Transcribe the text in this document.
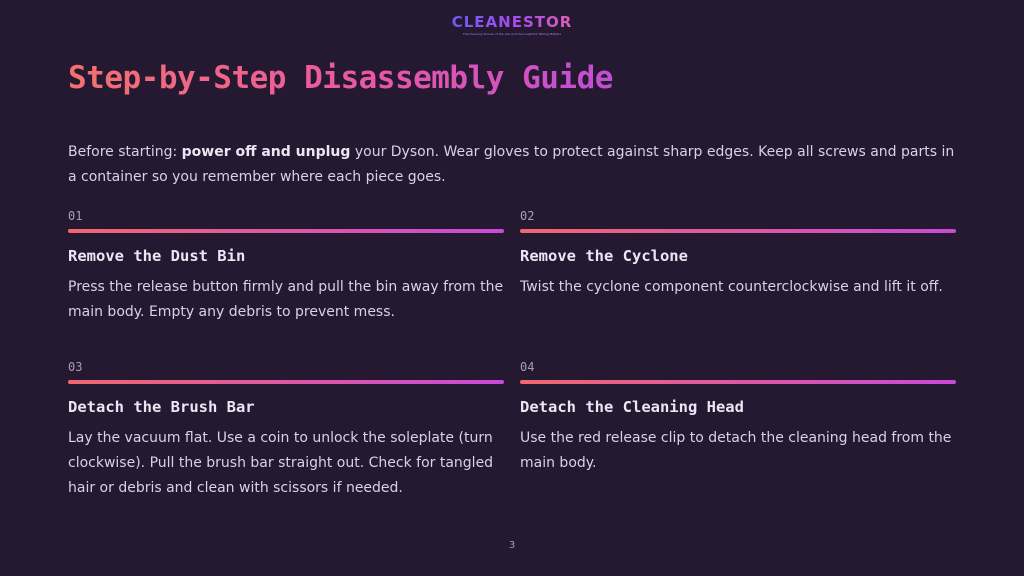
CLEANESTOR
The Cleaning Stories of the Life and the Insightful Talking Matters
Step-by-Step Disassembly Guide

Before starting: power off and unplug your Dyson. Wear gloves to protect against sharp edges. Keep all screws and parts in a container so you remember where each piece goes.

01
Remove the Dust Bin
Press the release button firmly and pull the bin away from the main body. Empty any debris to prevent mess.
02
Remove the Cyclone
Twist the cyclone component counterclockwise and lift it off.
03
Detach the Brush Bar
Lay the vacuum flat. Use a coin to unlock the soleplate (turn clockwise). Pull the brush bar straight out. Check for tangled hair or debris and clean with scissors if needed.
04
Detach the Cleaning Head
Use the red release clip to detach the cleaning head from the main body.
3
